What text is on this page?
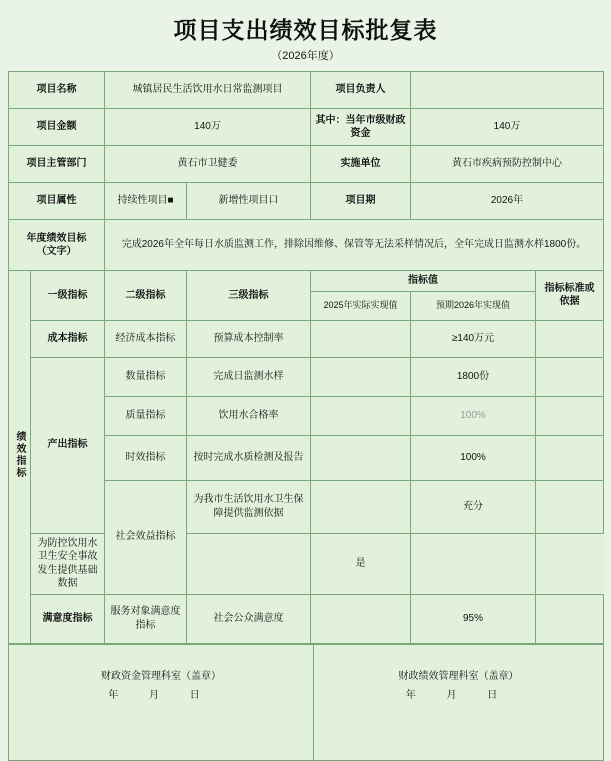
项目支出绩效目标批复表
（2026年度）
项目名称		城镇居民生活饮用水日常监测项目		项目负责人		
项目金额		140万		其中：当年市级财政资金	140万	
项目主管部门		黄石市卫健委		实施单位	黄石市疾病预防控制中心	
项目属性		持续性项目■	新增性项目口	项目期	2026年	

年度绩效目标
（文字）		完成2026年全年每日水质监测工作，排除因维修、保管等无法采样情况后，全年完成日监测水样1800份。				
绩效指标	一级指标	二级指标	三级指标	指标值		指标标准或依据
				2025年实际实现值	预期2026年实现值	
	成本指标	经济成本指标	预算成本控制率		≥140万元	
	产出指标	数量指标	完成日监测水样		1800份	
		质量指标	饮用水合格率		100%	
		时效指标	按时完成水质检测及报告		100%	
		社会效益指标	为我市生活饮用水卫生保障提供监测依据		充分	
	为防控饮用水卫生安全事故发生提供基础数据			是		
	满意度指标	服务对象满意度指标	社会公众满意度		95%	
财政资金管理科室（盖章）
年 月 日

财政绩效管理科室（盖章）
年 月 日
